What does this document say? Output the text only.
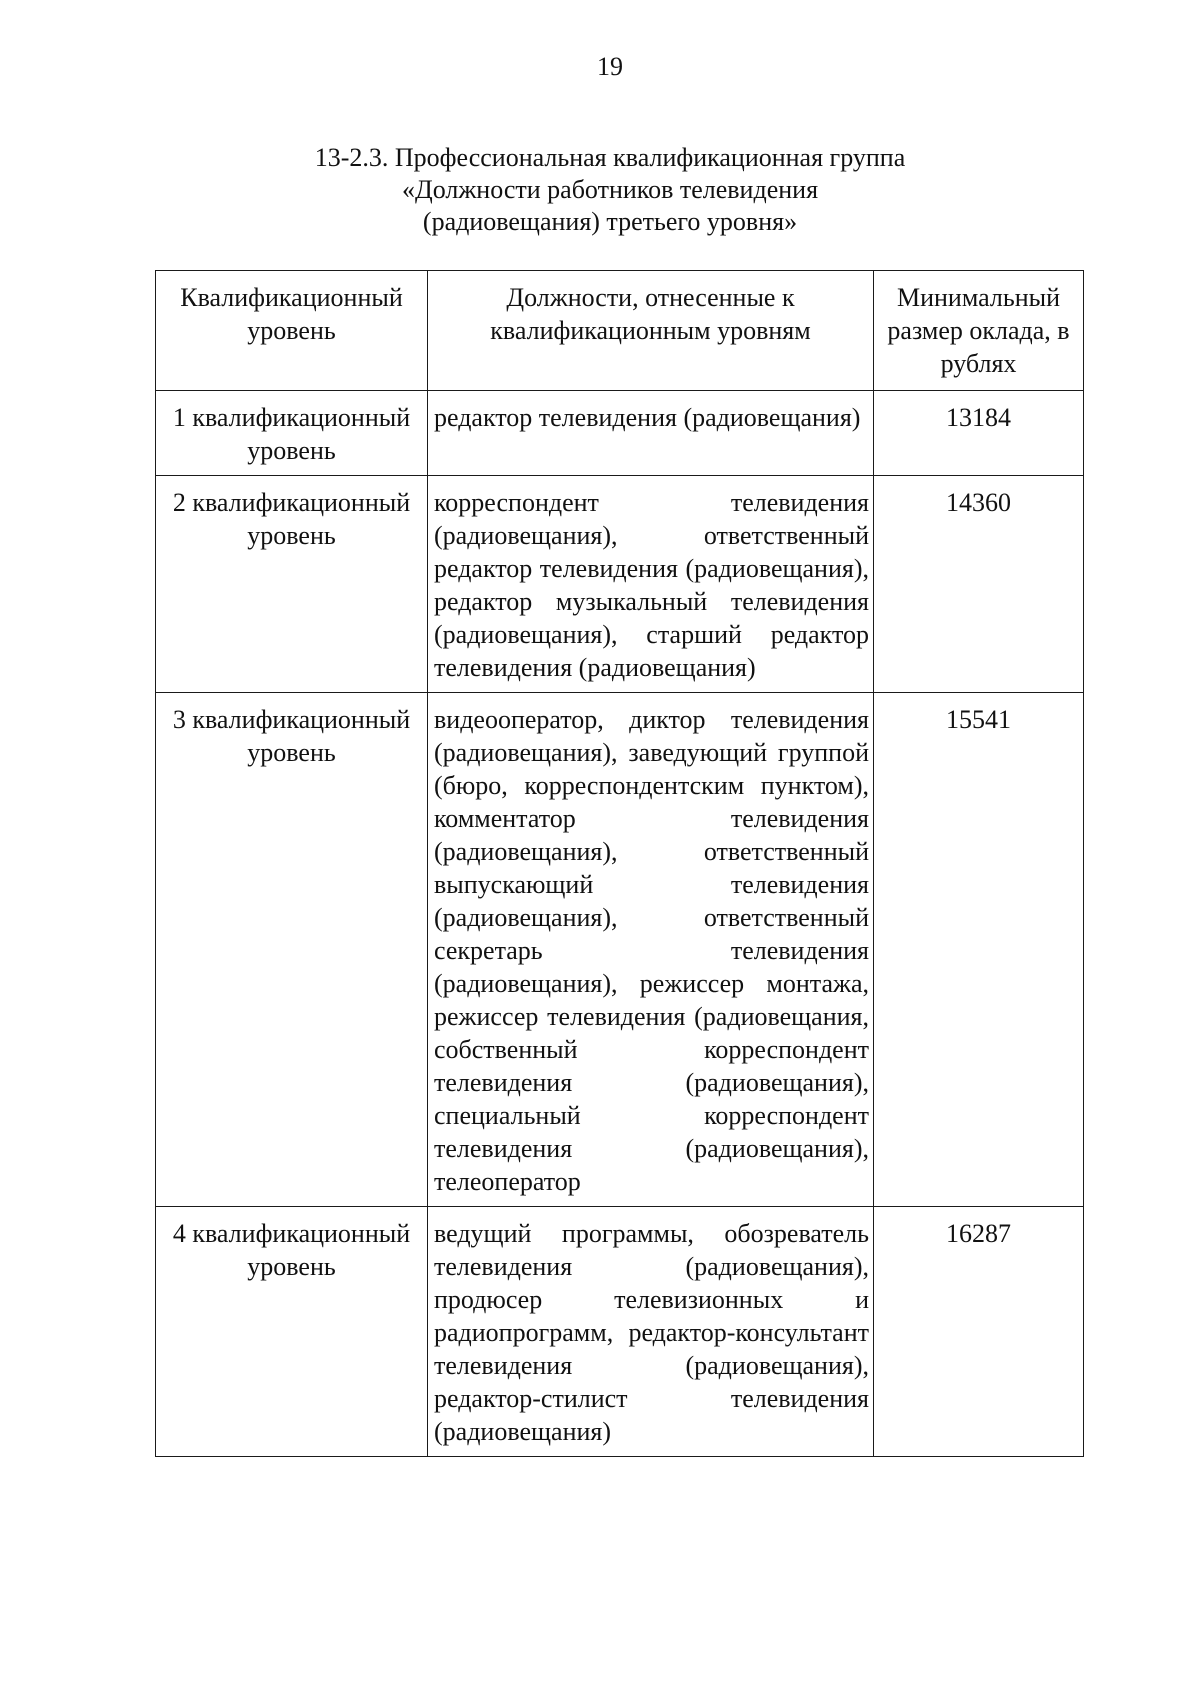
19
13-2.3. Профессиональная квалификационная группа
«Должности работников телевидения
(радиовещания) третьего уровня»
Квалификационный уровень	Должности, отнесенные к квалификационным уровням	Минимальный размер оклада, в рублях

1 квалификационный
уровень	редактор телевидения (радиовещания)	13184

2 квалификационный
уровень	корреспондент телевидения (радиовещания), ответственный редактор телевидения (радиовещания), редактор музыкальный телевидения (радиовещания), старший редактор телевидения (радиовещания)	14360

3 квалификационный
уровень	видеооператор, диктор телевидения (радиовещания), заведующий группой (бюро, корреспондентским пунктом), комментатор телевидения (радиовещания), ответственный выпускающий телевидения (радиовещания), ответственный секретарь телевидения (радиовещания), режиссер монтажа, режиссер телевидения (радиовещания, собственный корреспондент телевидения (радиовещания), специальный корреспондент телевидения (радиовещания), телеоператор	15541

4 квалификационный
уровень	ведущий программы, обозреватель телевидения (радиовещания), продюсер телевизионных и радиопрограмм, редактор-консультант телевидения (радиовещания), редактор-стилист телевидения (радиовещания)	16287
